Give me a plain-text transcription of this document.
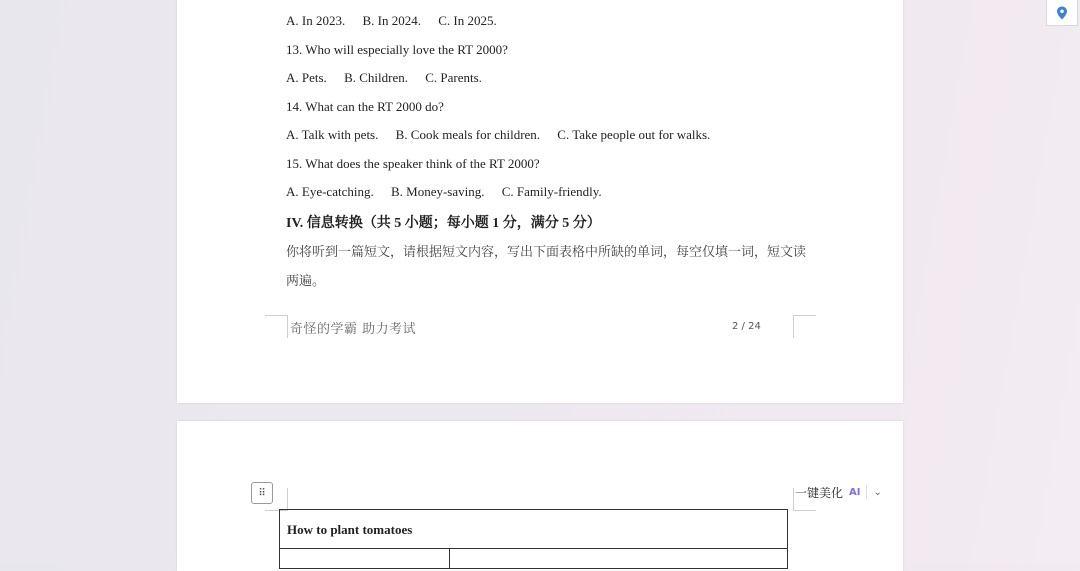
A. In 2023. B. In 2024. C. In 2025.
13. Who will especially love the RT 2000?
A. Pets. B. Children. C. Parents.
14. What can the RT 2000 do?
A. Talk with pets. B. Cook meals for children. C. Take people out for walks.
15. What does the speaker think of the RT 2000?
A. Eye-catching. B. Money-saving. C. Family-friendly.
IV. 信息转换（共 5 小题；每小题 1 分，满分 5 分）
你将听到一篇短文，请根据短文内容，写出下面表格中所缺的单词，每空仅填一词，短文读
两遍。
奇怪的学霸 助力考试	2 / 24
⠿	一键美化 AI ⌄
How to plant tomatoes
